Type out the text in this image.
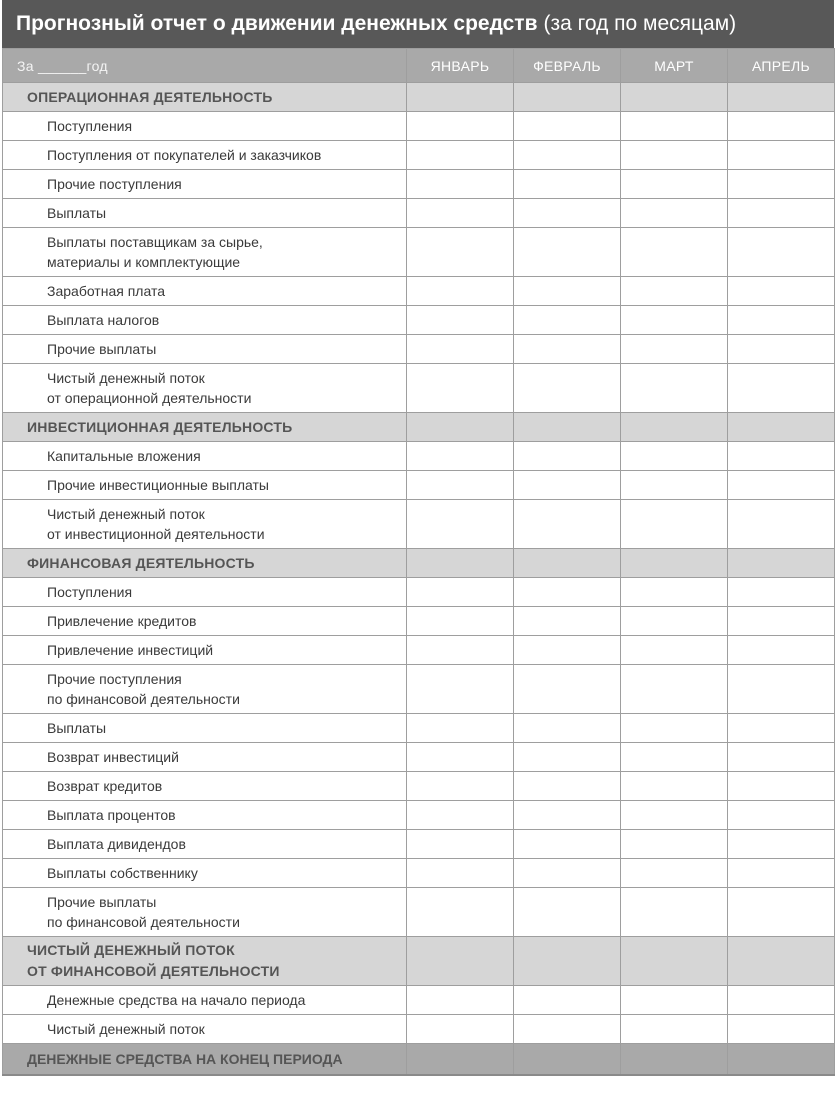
Прогнозный отчет о движении денежных средств (за год по месяцам)
За ______год	ЯНВАРЬ	ФЕВРАЛЬ	МАРТ	АПРЕЛЬ
ОПЕРАЦИОННАЯ ДЕЯТЕЛЬНОСТЬ				
Поступления				
Поступления от покупателей и заказчиков				
Прочие поступления				
Выплаты				

Выплаты поставщикам за сырье,
материалы и комплектующие				

Заработная плата				
Выплата налогов				
Прочие выплаты				

Чистый денежный поток
от операционной деятельности				

ИНВЕСТИЦИОННАЯ ДЕЯТЕЛЬНОСТЬ				
Капитальные вложения				
Прочие инвестиционные выплаты				

Чистый денежный поток
от инвестиционной деятельности				

ФИНАНСОВАЯ ДЕЯТЕЛЬНОСТЬ				
Поступления				
Привлечение кредитов				
Привлечение инвестиций				

Прочие поступления
по финансовой деятельности				

Выплаты				
Возврат инвестиций				
Возврат кредитов				
Выплата процентов				
Выплата дивидендов				
Выплаты собственнику				

Прочие выплаты
по финансовой деятельности				

ЧИСТЫЙ ДЕНЕЖНЫЙ ПОТОК
ОТ ФИНАНСОВОЙ ДЕЯТЕЛЬНОСТИ				

Денежные средства на начало периода				
Чистый денежный поток				
ДЕНЕЖНЫЕ СРЕДСТВА НА КОНЕЦ ПЕРИОДА				
